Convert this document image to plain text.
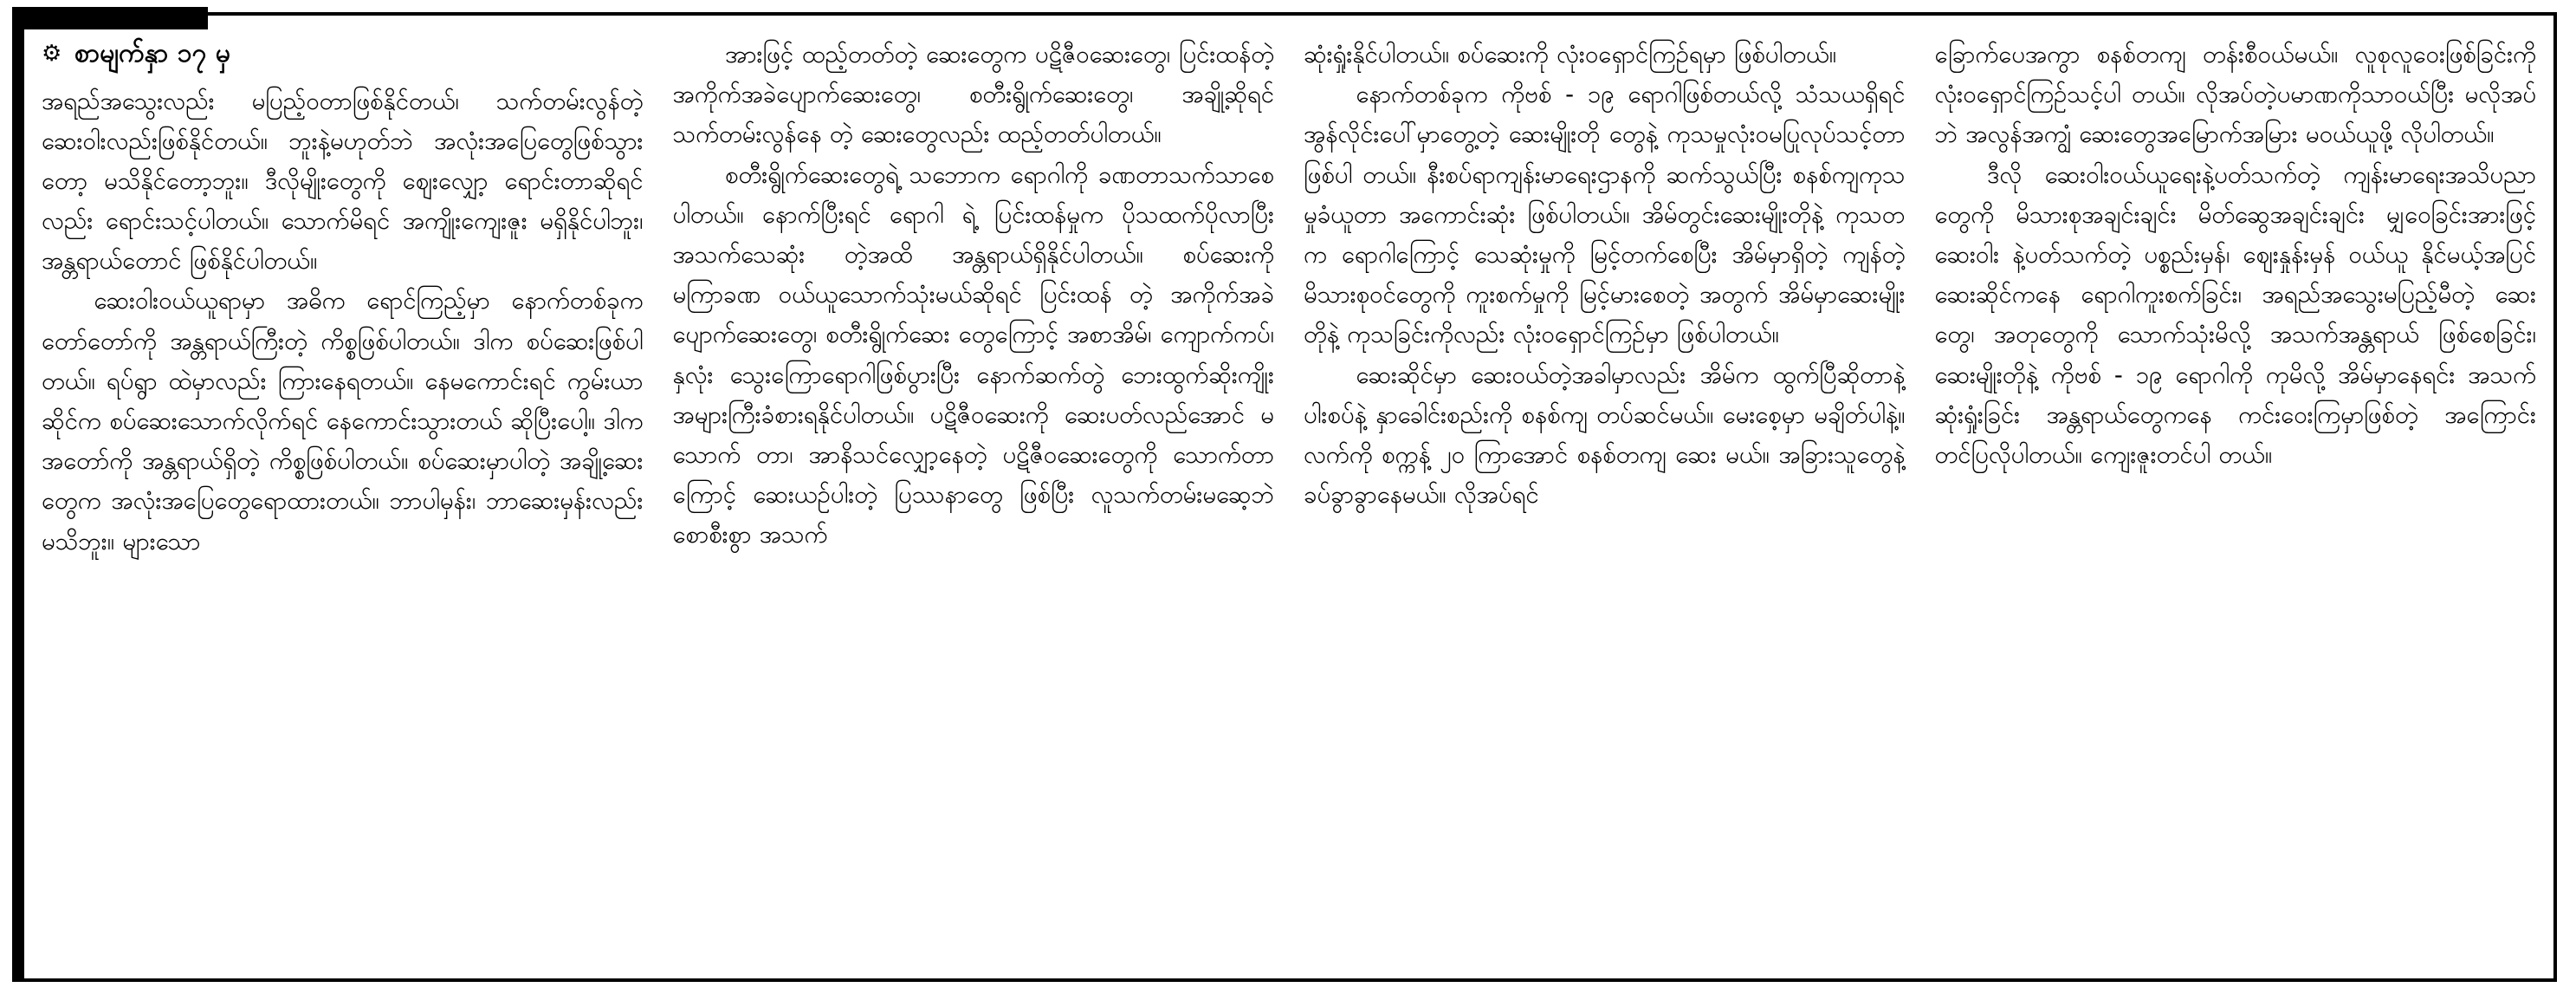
⚙ စာမျက်နှာ ၁၇ မှ

အရည်အသွေးလည်း မပြည့်ဝတာဖြစ်နိုင်တယ်၊ သက်တမ်းလွန်တဲ့ ဆေးဝါးလည်းဖြစ်နိုင်တယ်။ ဘူးနဲ့မဟုတ်ဘဲ အလုံးအပြေတွေဖြစ်သွားတော့ မသိနိုင်တော့ဘူး။ ဒီလိုမျိုးတွေကို ဈေးလျှော့ ရောင်းတာဆိုရင်လည်း ရောင်းသင့်ပါတယ်။ သောက်မိရင် အကျိုးကျေးဇူး မရှိနိုင်ပါဘူး၊ အန္တရာယ်တောင် ဖြစ်နိုင်ပါတယ်။

ဆေးဝါးဝယ်ယူရာမှာ အဓိက ရောင်ကြည့်မှာ နောက်တစ်ခုက တော်တော်ကို အန္တရာယ်ကြီးတဲ့ ကိစ္စဖြစ်ပါတယ်။ ဒါက စပ်ဆေးဖြစ်ပါတယ်။ ရပ်ရွာ ထဲမှာလည်း ကြားနေရတယ်။ နေမကောင်းရင် ကွမ်းယာဆိုင်က စပ်ဆေးသောက်လိုက်ရင် နေကောင်းသွားတယ် ဆိုပြီးပေါ့။ ဒါကအတော်ကို အန္တရာယ်ရှိတဲ့ ကိစ္စဖြစ်ပါတယ်။ စပ်ဆေးမှာပါတဲ့ အချို့ဆေးတွေက အလုံးအပြေတွေရောထားတယ်။ ဘာပါမှန်း၊ ဘာဆေးမှန်းလည်း မသိဘူး။ များသော

အားဖြင့် ထည့်တတ်တဲ့ ဆေးတွေက ပဋိဇီဝဆေးတွေ၊ ပြင်းထန်တဲ့ အကိုက်အခဲပျောက်ဆေးတွေ၊ စတီးရွိုက်ဆေးတွေ၊ အချို့ဆိုရင် သက်တမ်းလွန်နေ တဲ့ ဆေးတွေလည်း ထည့်တတ်ပါတယ်။

စတီးရွိုက်ဆေးတွေရဲ့ သဘောက ရောဂါကို ခဏတာသက်သာစေပါတယ်။ နောက်ပြီးရင် ရောဂါ ရဲ့ ပြင်းထန်မှုက ပိုသထက်ပိုလာပြီး အသက်သေဆုံး တဲ့အထိ အန္တရာယ်ရှိနိုင်ပါတယ်။ စပ်ဆေးကို မကြာခဏ ဝယ်ယူသောက်သုံးမယ်ဆိုရင် ပြင်းထန် တဲ့ အကိုက်အခဲပျောက်ဆေးတွေ၊ စတီးရွိုက်ဆေး တွေကြောင့် အစာအိမ်၊ ကျောက်ကပ်၊ နှလုံး သွေးကြောရောဂါဖြစ်ပွားပြီး နောက်ဆက်တွဲ ဘေးထွက်ဆိုးကျိုး အများကြီးခံစားရနိုင်ပါတယ်။ ပဋိဇီဝဆေးကို ဆေးပတ်လည်အောင် မသောက် တာ၊ အာနိသင်လျှော့နေတဲ့ ပဋိဇီဝဆေးတွေကို သောက်တာကြောင့် ဆေးယဉ်ပါးတဲ့ ပြဿနာတွေ ဖြစ်ပြီး လူသက်တမ်းမဆေ့ဘဲ စောစီးစွာ အသက်

ဆုံးရှုံးနိုင်ပါတယ်။ စပ်ဆေးကို လုံးဝရှောင်ကြဉ်ရမှာ ဖြစ်ပါတယ်။

နောက်တစ်ခုက ကိုဗစ် - ၁၉ ရောဂါဖြစ်တယ်လို့ သံသယရှိရင် အွန်လိုင်းပေါ်မှာတွေ့တဲ့ ဆေးမျိုးတို တွေနဲ့ ကုသမှုလုံးဝမပြုလုပ်သင့်တာ ဖြစ်ပါ တယ်။ နီးစပ်ရာကျန်းမာရေးဌာနကို ဆက်သွယ်ပြီး စနစ်ကျကုသမှုခံယူတာ အကောင်းဆုံး ဖြစ်ပါတယ်။ အိမ်တွင်းဆေးမျိုးတိုနဲ့ ကုသဝာက ရောဂါကြောင့် သေဆုံးမှုကို မြင့်တက်စေပြီး အိမ်မှာရှိတဲ့ ကျန်တဲ့ မိသားစုဝင်တွေကို ကူးစက်မှုကို မြင့်မားစေတဲ့ အတွက် အိမ်မှာဆေးမျိုးတိုနဲ့ ကုသခြင်းကိုလည်း လုံးဝရှောင်ကြဉ်မှာ ဖြစ်ပါတယ်။

ဆေးဆိုင်မှာ ဆေးဝယ်တဲ့အခါမှာလည်း အိမ်က ထွက်ပြီဆိုတာနဲ့ ပါးစပ်နဲ့ နှာခေါင်းစည်းကို စနစ်ကျ တပ်ဆင်မယ်။ မေးစေ့မှာ မချိတ်ပါနဲ့။ လက်ကို စက္ကန့် ၂၀ ကြာအောင် စနစ်တကျ ဆေး မယ်။ အခြားသူတွေနဲ့ ခပ်ခွာခွာနေမယ်။ လိုအပ်ရင်

ခြောက်ပေအကွာ စနစ်တကျ တန်းစီဝယ်မယ်။ လူစုလူဝေးဖြစ်ခြင်းကို လုံးဝရှောင်ကြဉ်သင့်ပါ တယ်။ လိုအပ်တဲ့ပမာဏကိုသာဝယ်ပြီး မလိုအပ်ဘဲ အလွန်အကျွံ ဆေးတွေအမြောက်အမြား မဝယ်ယူဖို့ လိုပါတယ်။

ဒီလို ဆေးဝါးဝယ်ယူရေးနဲ့ပတ်သက်တဲ့ ကျန်းမာရေးအသိပညာတွေကို မိသားစုအချင်းချင်း မိတ်ဆွေအချင်းချင်း မျှဝေခြင်းအားဖြင့် ဆေးဝါး နဲ့ပတ်သက်တဲ့ ပစ္စည်းမှန်၊ ဈေးနှုန်းမှန် ဝယ်ယူ နိုင်မယ့်အပြင် ဆေးဆိုင်ကနေ ရောဂါကူးစက်ခြင်း၊ အရည်အသွေးမပြည့်မီတဲ့ ဆေးတွေ၊ အတုတွေကို သောက်သုံးမိလို့ အသက်အန္တရာယ် ဖြစ်စေခြင်း၊ ဆေးမျိုးတိုနဲ့ ကိုဗစ် - ၁၉ ရောဂါကို ကုမိလို့ အိမ်မှာနေရင်း အသက်ဆုံးရှုံးခြင်း အန္တရာယ်တွေကနေ ကင်းဝေးကြမှာဖြစ်တဲ့ အကြောင်း တင်ပြလိုပါတယ်။ ကျေးဇူးတင်ပါ တယ်။
